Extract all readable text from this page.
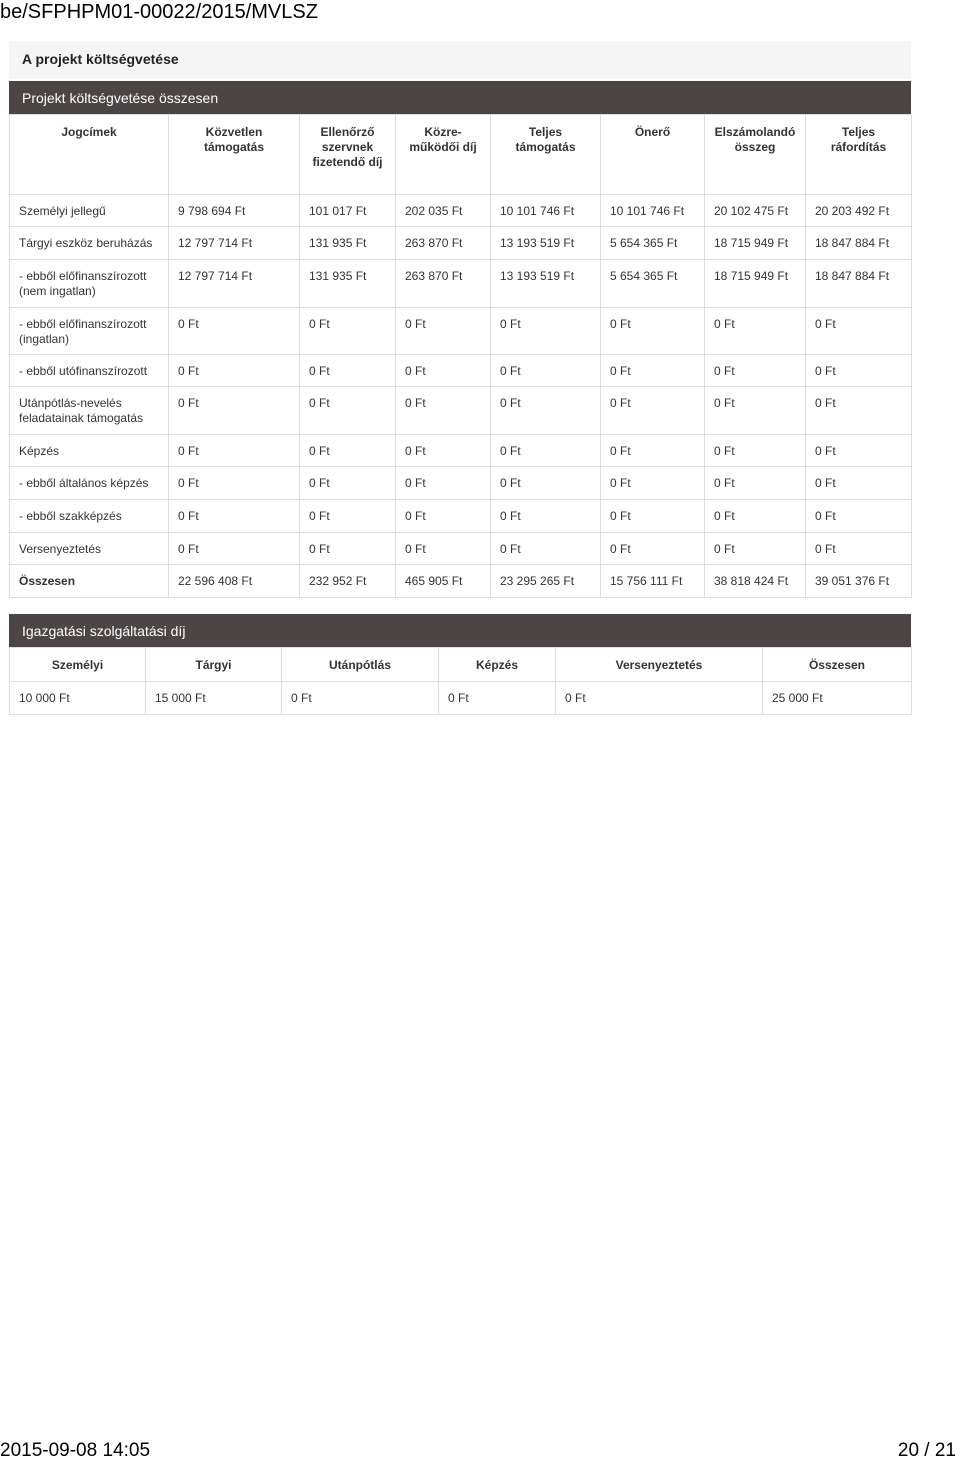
be/SFPHPM01-00022/2015/MVLSZ
A projekt költségvetése
Projekt költségvetése összesen
Jogcímek	Közvetlen támogatás	Ellenőrző szervnek fizetendő díj	Közre-működői díj	Teljes támogatás	Önerő	Elszámolandó összeg	Teljes ráfordítás
Személyi jellegű	9 798 694 Ft	101 017 Ft	202 035 Ft	10 101 746 Ft	10 101 746 Ft	20 102 475 Ft	20 203 492 Ft
Tárgyi eszköz beruházás	12 797 714 Ft	131 935 Ft	263 870 Ft	13 193 519 Ft	5 654 365 Ft	18 715 949 Ft	18 847 884 Ft
- ebből előfinanszírozott (nem ingatlan)	12 797 714 Ft	131 935 Ft	263 870 Ft	13 193 519 Ft	5 654 365 Ft	18 715 949 Ft	18 847 884 Ft
- ebből előfinanszírozott (ingatlan)	0 Ft	0 Ft	0 Ft	0 Ft	0 Ft	0 Ft	0 Ft
- ebből utófinanszírozott	0 Ft	0 Ft	0 Ft	0 Ft	0 Ft	0 Ft	0 Ft
Utánpótlás-nevelés feladatainak támogatás	0 Ft	0 Ft	0 Ft	0 Ft	0 Ft	0 Ft	0 Ft
Képzés	0 Ft	0 Ft	0 Ft	0 Ft	0 Ft	0 Ft	0 Ft
- ebből általános képzés	0 Ft	0 Ft	0 Ft	0 Ft	0 Ft	0 Ft	0 Ft
- ebből szakképzés	0 Ft	0 Ft	0 Ft	0 Ft	0 Ft	0 Ft	0 Ft
Versenyeztetés	0 Ft	0 Ft	0 Ft	0 Ft	0 Ft	0 Ft	0 Ft
Összesen	22 596 408 Ft	232 952 Ft	465 905 Ft	23 295 265 Ft	15 756 111 Ft	38 818 424 Ft	39 051 376 Ft
Igazgatási szolgáltatási díj
Személyi	Tárgyi	Utánpótlás	Képzés	Versenyeztetés	Összesen
10 000 Ft	15 000 Ft	0 Ft	0 Ft	0 Ft	25 000 Ft
2015-09-08 14:05	20 / 21
